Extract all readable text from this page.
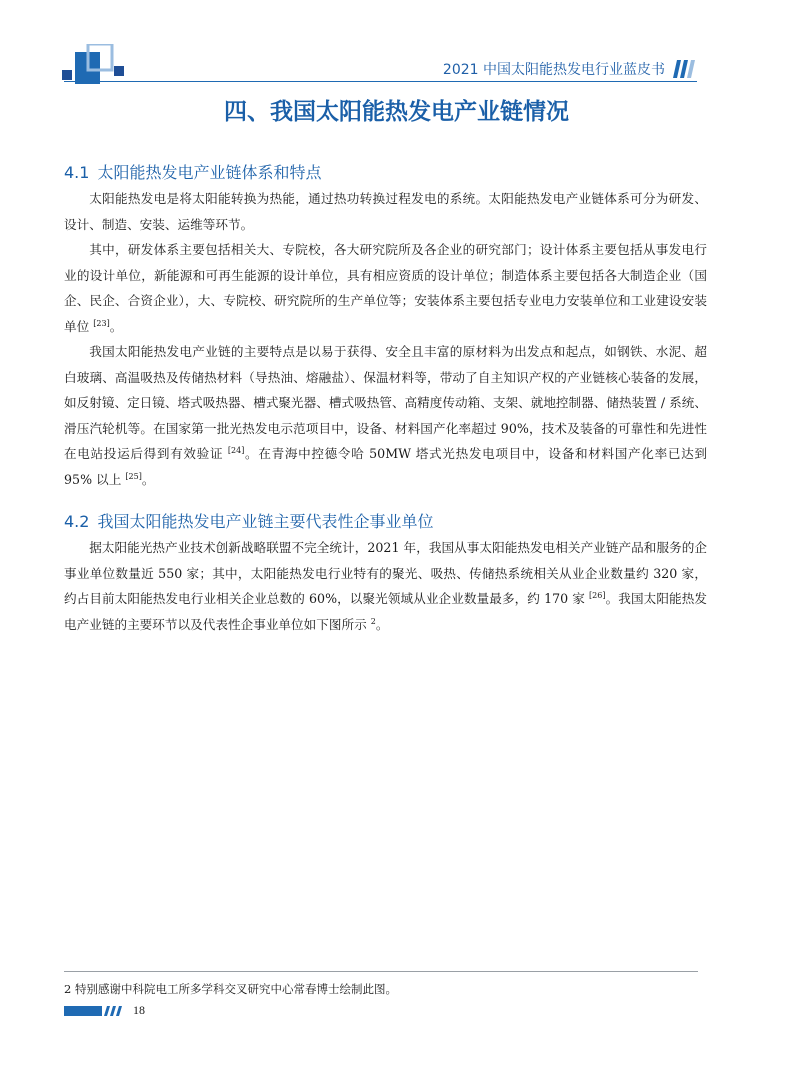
2021 中国太阳能热发电行业蓝皮书
四、我国太阳能热发电产业链情况
4.1 太阳能热发电产业链体系和特点

太阳能热发电是将太阳能转换为热能，通过热功转换过程发电的系统。太阳能热发电产业链体系可分为研发、设计、制造、安装、运维等环节。

其中，研发体系主要包括相关大、专院校，各大研究院所及各企业的研究部门；设计体系主要包括从事发电行业的设计单位，新能源和可再生能源的设计单位，具有相应资质的设计单位；制造体系主要包括各大制造企业（国企、民企、合资企业），大、专院校、研究院所的生产单位等；安装体系主要包括专业电力安装单位和工业建设安装单位 [23]。

我国太阳能热发电产业链的主要特点是以易于获得、安全且丰富的原材料为出发点和起点，如钢铁、水泥、超白玻璃、高温吸热及传储热材料（导热油、熔融盐）、保温材料等，带动了自主知识产权的产业链核心装备的发展，如反射镜、定日镜、塔式吸热器、槽式聚光器、槽式吸热管、高精度传动箱、支架、就地控制器、储热装置 / 系统、滑压汽轮机等。在国家第一批光热发电示范项目中，设备、材料国产化率超过 90%，技术及装备的可靠性和先进性在电站投运后得到有效验证 [24]。在青海中控德令哈 50MW 塔式光热发电项目中，设备和材料国产化率已达到 95% 以上 [25]。

4.2 我国太阳能热发电产业链主要代表性企事业单位

据太阳能光热产业技术创新战略联盟不完全统计，2021 年，我国从事太阳能热发电相关产业链产品和服务的企事业单位数量近 550 家；其中，太阳能热发电行业特有的聚光、吸热、传储热系统相关从业企业数量约 320 家，约占目前太阳能热发电行业相关企业总数的 60%，以聚光领域从业企业数量最多，约 170 家 [26]。我国太阳能热发电产业链的主要环节以及代表性企事业单位如下图所示 $^2$。

2 特别感谢中科院电工所多学科交叉研究中心常春博士绘制此图。
18
